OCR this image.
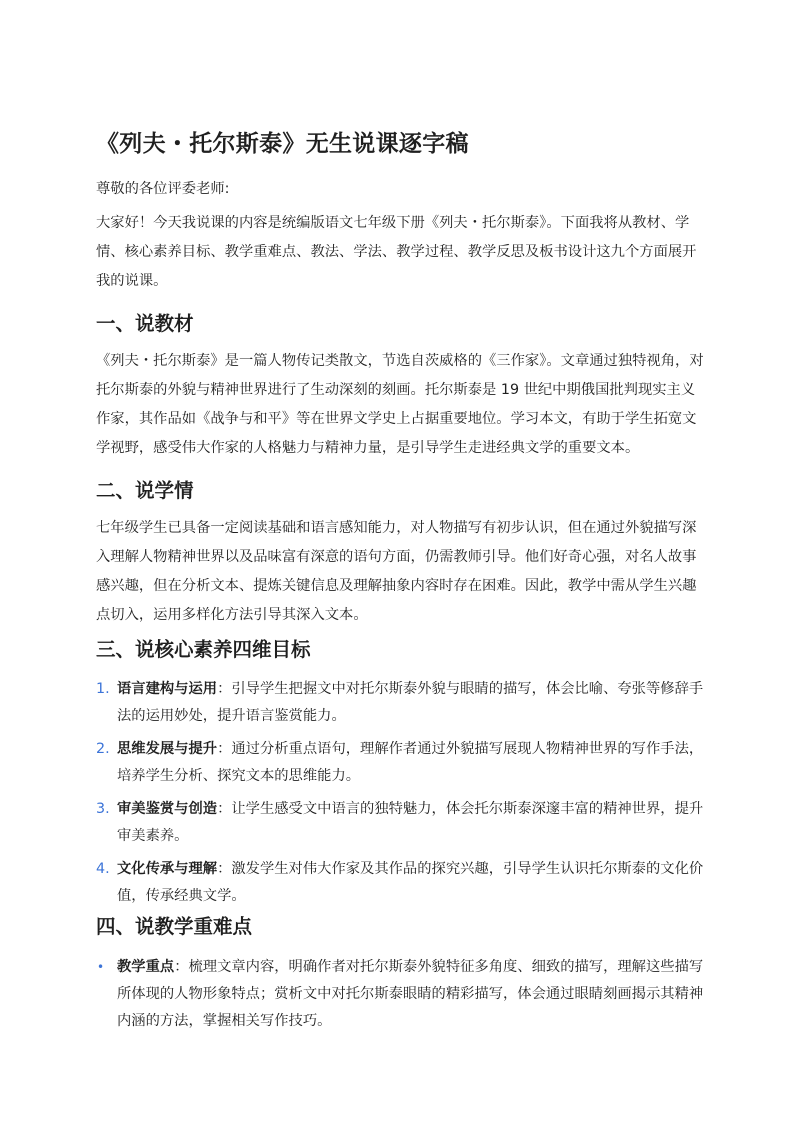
《列夫・托尔斯泰》无生说课逐字稿

尊敬的各位评委老师:

大家好！今天我说课的内容是统编版语文七年级下册《列夫・托尔斯泰》。下面我将从教材、学情、核心素养目标、教学重难点、教法、学法、教学过程、教学反思及板书设计这九个方面展开我的说课。

一、说教材

《列夫・托尔斯泰》是一篇人物传记类散文，节选自茨威格的《三作家》。文章通过独特视角，对托尔斯泰的外貌与精神世界进行了生动深刻的刻画。托尔斯泰是 19 世纪中期俄国批判现实主义作家，其作品如《战争与和平》等在世界文学史上占据重要地位。学习本文，有助于学生拓宽文学视野，感受伟大作家的人格魅力与精神力量，是引导学生走进经典文学的重要文本。

二、说学情

七年级学生已具备一定阅读基础和语言感知能力，对人物描写有初步认识，但在通过外貌描写深入理解人物精神世界以及品味富有深意的语句方面，仍需教师引导。他们好奇心强，对名人故事感兴趣，但在分析文本、提炼关键信息及理解抽象内容时存在困难。因此，教学中需从学生兴趣点切入，运用多样化方法引导其深入文本。

三、说核心素养四维目标
1. 语言建构与运用：引导学生把握文中对托尔斯泰外貌与眼睛的描写，体会比喻、夸张等修辞手法的运用妙处，提升语言鉴赏能力。
2. 思维发展与提升：通过分析重点语句，理解作者通过外貌描写展现人物精神世界的写作手法，培养学生分析、探究文本的思维能力。
3. 审美鉴赏与创造：让学生感受文中语言的独特魅力，体会托尔斯泰深邃丰富的精神世界，提升审美素养。
4. 文化传承与理解：激发学生对伟大作家及其作品的探究兴趣，引导学生认识托尔斯泰的文化价值，传承经典文学。
四、说教学重难点
• 教学重点：梳理文章内容，明确作者对托尔斯泰外貌特征多角度、细致的描写，理解这些描写所体现的人物形象特点；赏析文中对托尔斯泰眼睛的精彩描写，体会通过眼睛刻画揭示其精神内涵的方法，掌握相关写作技巧。
